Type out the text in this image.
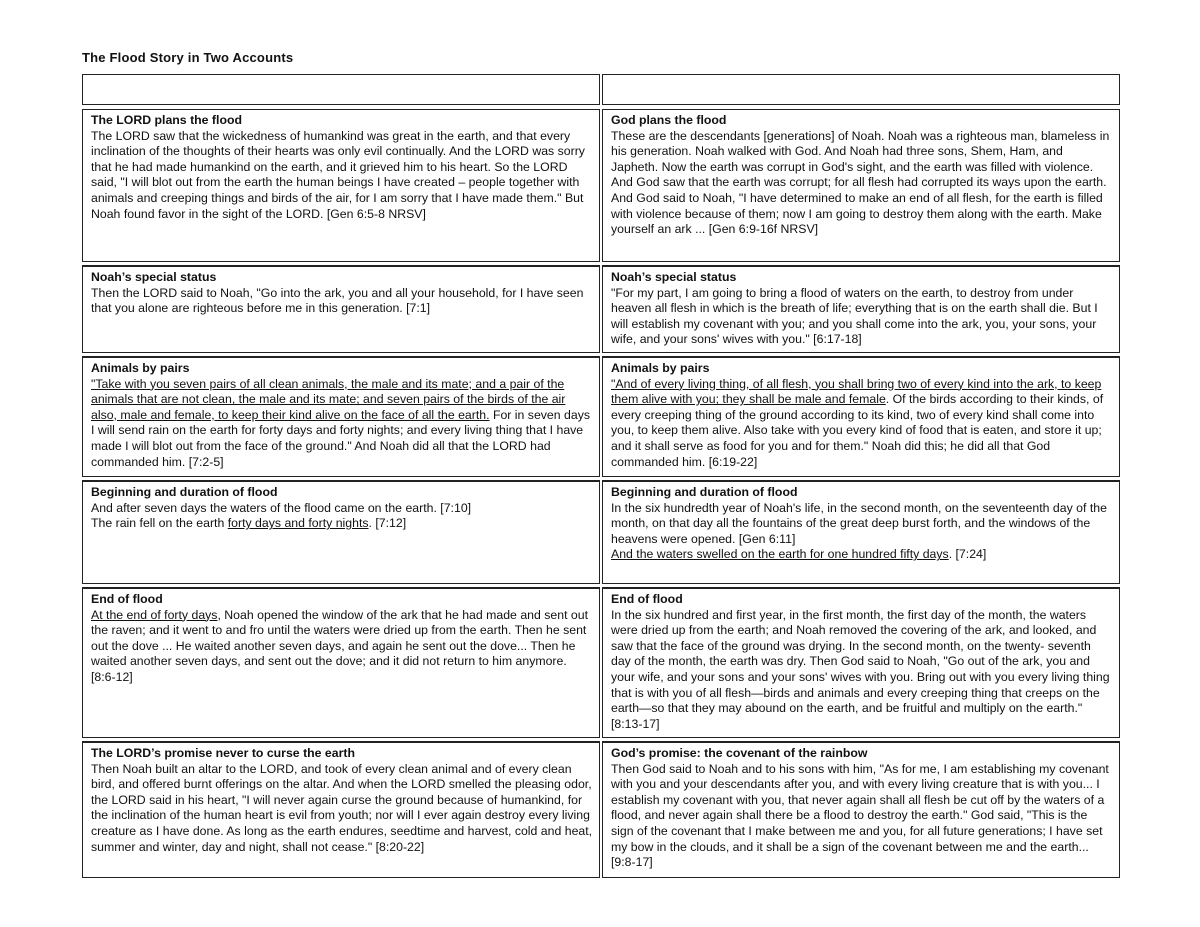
The Flood Story in Two Accounts
The LORD plans the flood
The LORD saw that the wickedness of humankind was great in the earth, and that every inclination of the thoughts of their hearts was only evil continually. And the LORD was sorry that he had made humankind on the earth, and it grieved him to his heart. So the LORD said, "I will blot out from the earth the human beings I have created – people together with animals and creeping things and birds of the air, for I am sorry that I have made them." But Noah found favor in the sight of the LORD. [Gen 6:5-8 NRSV]
God plans the flood
These are the descendants [generations] of Noah. Noah was a righteous man, blameless in his generation. Noah walked with God. And Noah had three sons, Shem, Ham, and Japheth. Now the earth was corrupt in God's sight, and the earth was filled with violence. And God saw that the earth was corrupt; for all flesh had corrupted its ways upon the earth. And God said to Noah, "I have determined to make an end of all flesh, for the earth is filled with violence because of them; now I am going to destroy them along with the earth. Make yourself an ark ... [Gen 6:9-16f NRSV]
Noah’s special status
Then the LORD said to Noah, "Go into the ark, you and all your household, for I have seen that you alone are righteous before me in this generation. [7:1]
Noah’s special status
"For my part, I am going to bring a flood of waters on the earth, to destroy from under heaven all flesh in which is the breath of life; everything that is on the earth shall die. But I will establish my covenant with you; and you shall come into the ark, you, your sons, your wife, and your sons' wives with you." [6:17-18]
Animals by pairs
"Take with you seven pairs of all clean animals, the male and its mate; and a pair of the animals that are not clean, the male and its mate; and seven pairs of the birds of the air also, male and female, to keep their kind alive on the face of all the earth. For in seven days I will send rain on the earth for forty days and forty nights; and every living thing that I have made I will blot out from the face of the ground." And Noah did all that the LORD had commanded him. [7:2-5]
Animals by pairs
"And of every living thing, of all flesh, you shall bring two of every kind into the ark, to keep them alive with you; they shall be male and female. Of the birds according to their kinds, of every creeping thing of the ground according to its kind, two of every kind shall come into you, to keep them alive. Also take with you every kind of food that is eaten, and store it up; and it shall serve as food for you and for them." Noah did this; he did all that God commanded him. [6:19-22]
Beginning and duration of flood
And after seven days the waters of the flood came on the earth. [7:10]
The rain fell on the earth forty days and forty nights. [7:12]
Beginning and duration of flood
In the six hundredth year of Noah's life, in the second month, on the seventeenth day of the month, on that day all the fountains of the great deep burst forth, and the windows of the heavens were opened. [Gen 6:11]
And the waters swelled on the earth for one hundred fifty days. [7:24]
End of flood
At the end of forty days, Noah opened the window of the ark that he had made and sent out the raven; and it went to and fro until the waters were dried up from the earth. Then he sent out the dove ... He waited another seven days, and again he sent out the dove... Then he waited another seven days, and sent out the dove; and it did not return to him anymore. [8:6-12]
End of flood
In the six hundred and first year, in the first month, the first day of the month, the waters were dried up from the earth; and Noah removed the covering of the ark, and looked, and saw that the face of the ground was drying. In the second month, on the twenty- seventh day of the month, the earth was dry. Then God said to Noah, "Go out of the ark, you and your wife, and your sons and your sons' wives with you. Bring out with you every living thing that is with you of all flesh—birds and animals and every creeping thing that creeps on the earth—so that they may abound on the earth, and be fruitful and multiply on the earth." [8:13-17]
The LORD’s promise never to curse the earth
Then Noah built an altar to the LORD, and took of every clean animal and of every clean bird, and offered burnt offerings on the altar. And when the LORD smelled the pleasing odor, the LORD said in his heart, "I will never again curse the ground because of humankind, for the inclination of the human heart is evil from youth; nor will I ever again destroy every living creature as I have done. As long as the earth endures, seedtime and harvest, cold and heat, summer and winter, day and night, shall not cease." [8:20-22]
God’s promise: the covenant of the rainbow
Then God said to Noah and to his sons with him, "As for me, I am establishing my covenant with you and your descendants after you, and with every living creature that is with you... I establish my covenant with you, that never again shall all flesh be cut off by the waters of a flood, and never again shall there be a flood to destroy the earth." God said, "This is the sign of the covenant that I make between me and you, for all future generations; I have set my bow in the clouds, and it shall be a sign of the covenant between me and the earth... [9:8-17]
